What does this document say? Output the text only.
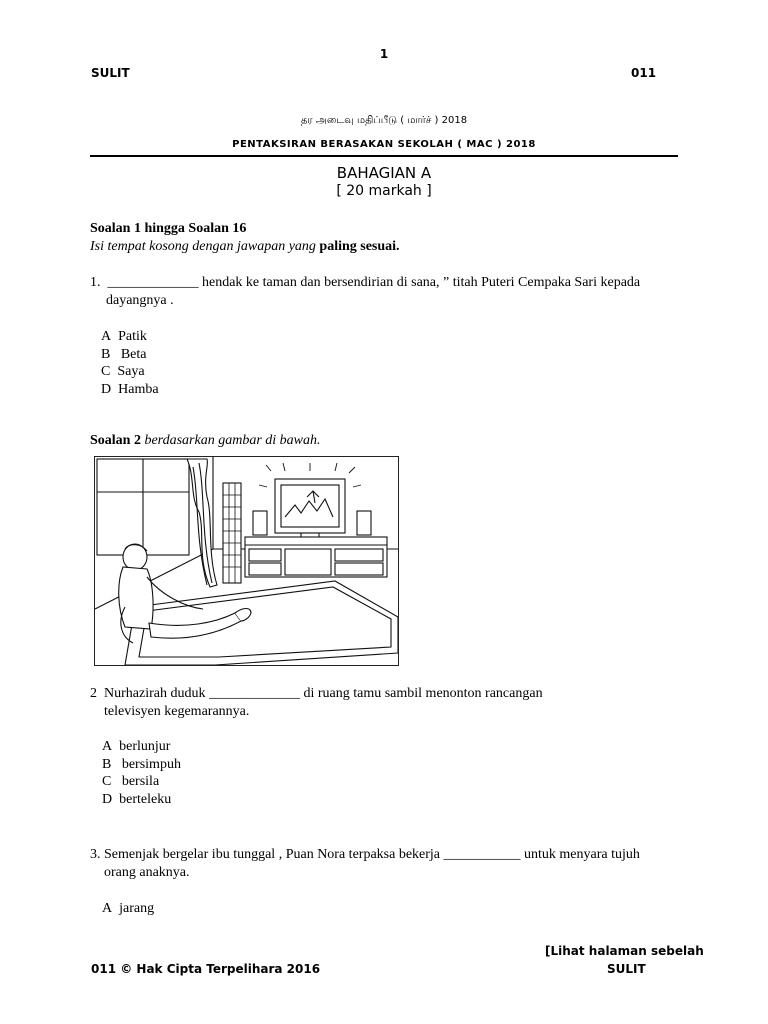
1
SULIT	011
தர அடைவு மதிப்பீடு ( மார்ச் ) 2018
PENTAKSIRAN BERASAKAN SEKOLAH ( MAC ) 2018
BAHAGIAN A
[ 20 markah ]
Soalan 1 hingga Soalan 16
Isi tempat kosong dengan jawapan yang paling sesuai.
1. _____________ hendak ke taman dan bersendirian di sana, ” titah Puteri Cempaka Sari kepada
dayangnya .
A Patik
B Beta
C Saya
D Hamba
Soalan 2 berdasarkan gambar di bawah.
2 Nurhazirah duduk _____________ di ruang tamu sambil menonton rancangan
televisyen kegemarannya.
A berlunjur
B bersimpuh
C bersila
D berteleku
3. Semenjak bergelar ibu tunggal , Puan Nora terpaksa bekerja ___________ untuk menyara tujuh
orang anaknya.
A jarang
[Lihat halaman sebelah
011 © Hak Cipta Terpelihara 2016	SULIT
